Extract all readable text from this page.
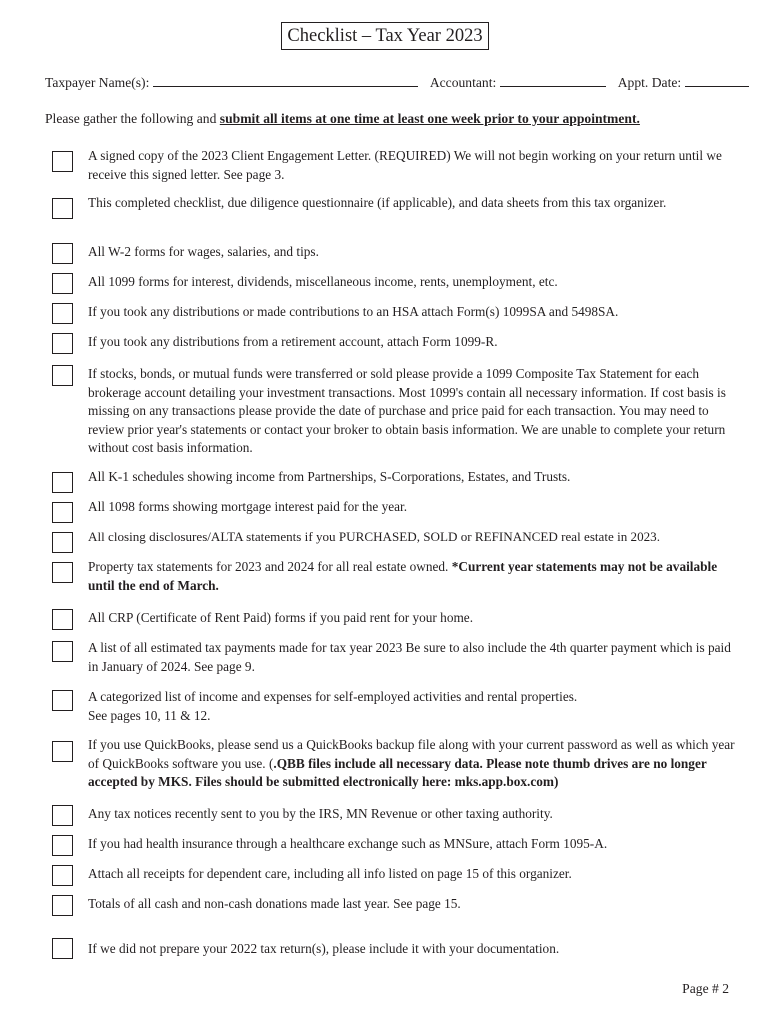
Checklist – Tax Year 2023
Taxpayer Name(s):	Accountant:	Appt. Date:
Please gather the following and submit all items at one time at least one week prior to your appointment.
A signed copy of the 2023 Client Engagement Letter. (REQUIRED) We will not begin working on your return until we receive this signed letter. See page 3.
This completed checklist, due diligence questionnaire (if applicable), and data sheets from this tax organizer.
All W-2 forms for wages, salaries, and tips.
All 1099 forms for interest, dividends, miscellaneous income, rents, unemployment, etc.
If you took any distributions or made contributions to an HSA attach Form(s) 1099SA and 5498SA.
If you took any distributions from a retirement account, attach Form 1099-R.
If stocks, bonds, or mutual funds were transferred or sold please provide a 1099 Composite Tax Statement for each brokerage account detailing your investment transactions. Most 1099's contain all necessary information. If cost basis is missing on any transactions please provide the date of purchase and price paid for each transaction. You may need to review prior year's statements or contact your broker to obtain basis information. We are unable to complete your return without cost basis information.
All K-1 schedules showing income from Partnerships, S-Corporations, Estates, and Trusts.
All 1098 forms showing mortgage interest paid for the year.
All closing disclosures/ALTA statements if you PURCHASED, SOLD or REFINANCED real estate in 2023.
Property tax statements for 2023 and 2024 for all real estate owned. *Current year statements may not be available until the end of March.
All CRP (Certificate of Rent Paid) forms if you paid rent for your home.
A list of all estimated tax payments made for tax year 2023 Be sure to also include the 4th quarter payment which is paid in January of 2024. See page 9.
A categorized list of income and expenses for self-employed activities and rental properties.
See pages 10, 11 & 12.
If you use QuickBooks, please send us a QuickBooks backup file along with your current password as well as which year of QuickBooks software you use. (.QBB files include all necessary data. Please note thumb drives are no longer accepted by MKS. Files should be submitted electronically here: mks.app.box.com)
Any tax notices recently sent to you by the IRS, MN Revenue or other taxing authority.
If you had health insurance through a healthcare exchange such as MNSure, attach Form 1095-A.
Attach all receipts for dependent care, including all info listed on page 15 of this organizer.
Totals of all cash and non-cash donations made last year. See page 15.
If we did not prepare your 2022 tax return(s), please include it with your documentation.
Page # 2
